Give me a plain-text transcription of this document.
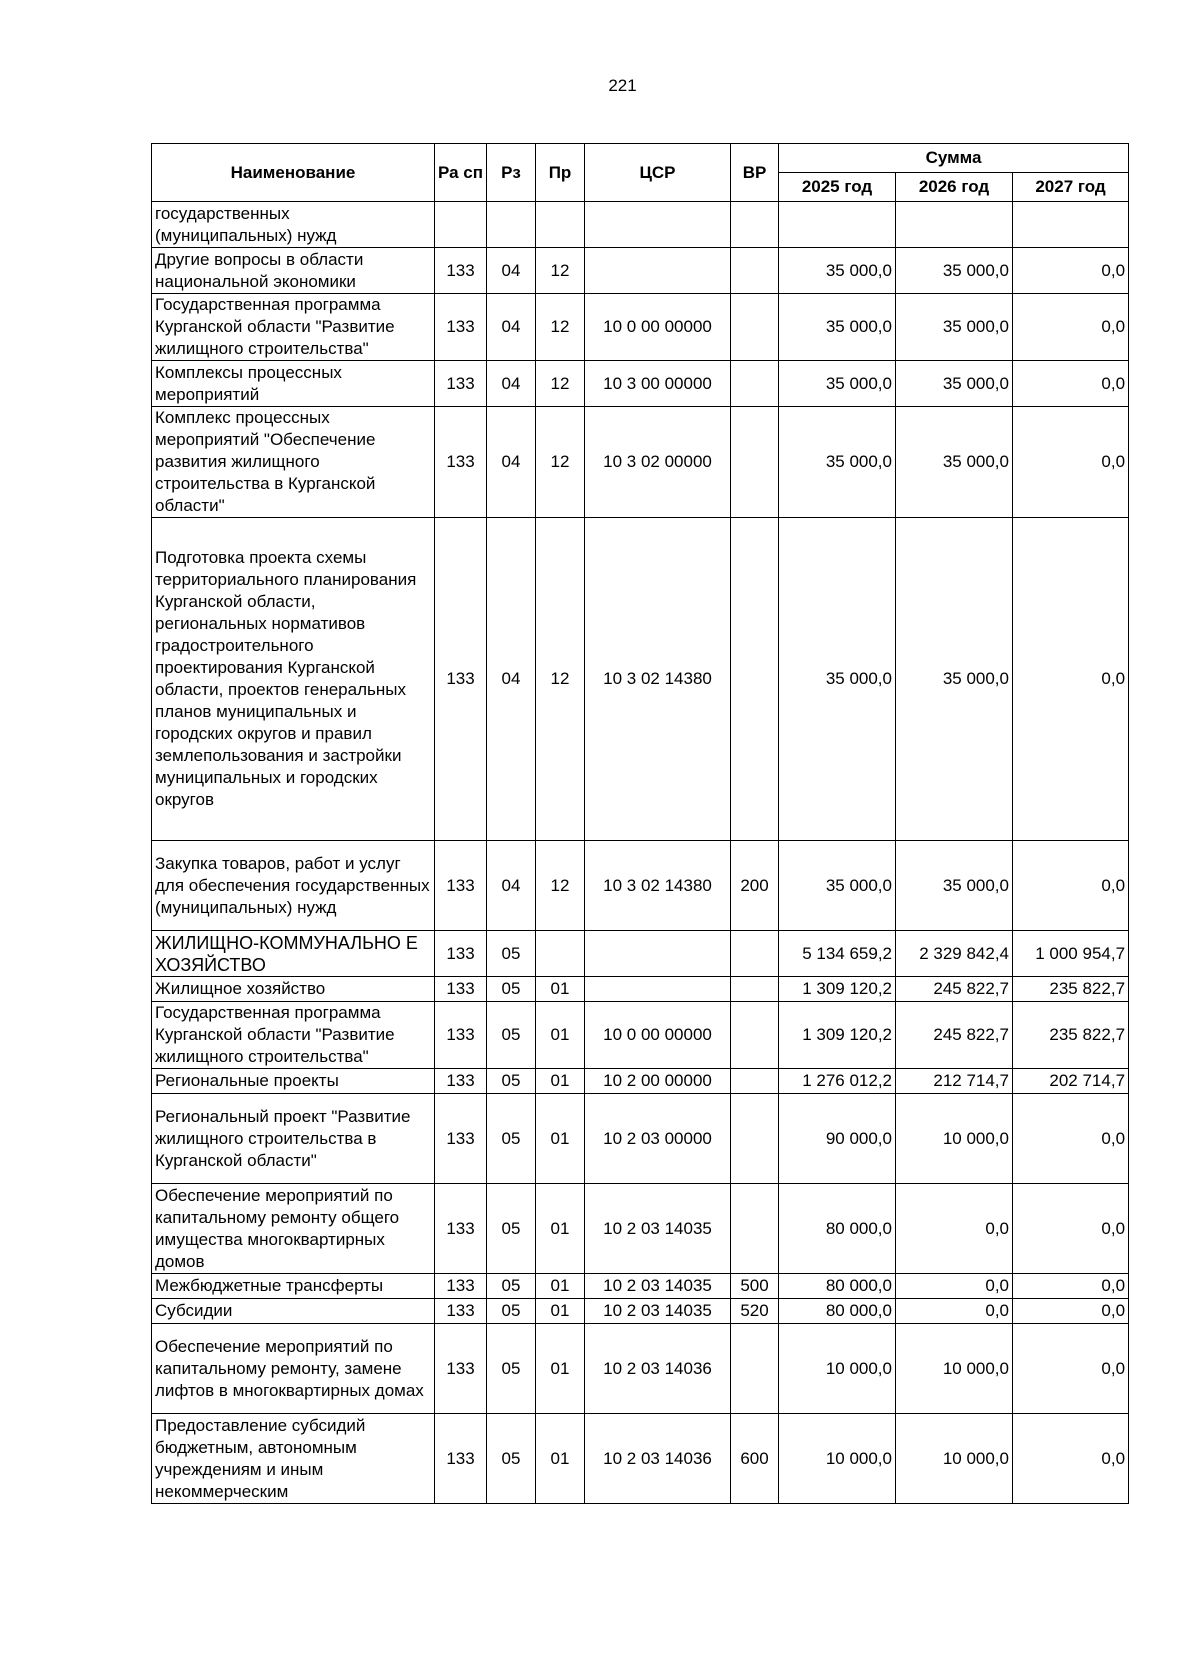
221
Наименование	Ра сп	Рз	Пр	ЦСР	ВР	Сумма		
						2025 год	2026 год	2027 год
государственных (муниципальных) нужд								
Другие вопросы в области национальной экономики	133	04	12			35 000,0	35 000,0	0,0
Государственная программа Курганской области "Развитие жилищного строительства"	133	04	12	10 0 00 00000		35 000,0	35 000,0	0,0
Комплексы процессных мероприятий	133	04	12	10 3 00 00000		35 000,0	35 000,0	0,0
Комплекс процессных мероприятий "Обеспечение развития жилищного строительства в Курганской области"	133	04	12	10 3 02 00000		35 000,0	35 000,0	0,0
Подготовка проекта схемы территориального планирования Курганской области, региональных нормативов градостроительного проектирования Курганской области, проектов генеральных планов муниципальных и городских округов и правил землепользования и застройки муниципальных и городских округов	133	04	12	10 3 02 14380		35 000,0	35 000,0	0,0
Закупка товаров, работ и услуг для обеспечения государственных (муниципальных) нужд	133	04	12	10 3 02 14380	200	35 000,0	35 000,0	0,0
ЖИЛИЩНО-КОММУНАЛЬНО Е ХОЗЯЙСТВО	133	05				5 134 659,2	2 329 842,4	1 000 954,7
Жилищное хозяйство	133	05	01			1 309 120,2	245 822,7	235 822,7
Государственная программа Курганской области "Развитие жилищного строительства"	133	05	01	10 0 00 00000		1 309 120,2	245 822,7	235 822,7
Региональные проекты	133	05	01	10 2 00 00000		1 276 012,2	212 714,7	202 714,7
Региональный проект "Развитие жилищного строительства в Курганской области"	133	05	01	10 2 03 00000		90 000,0	10 000,0	0,0
Обеспечение мероприятий по капитальному ремонту общего имущества многоквартирных домов	133	05	01	10 2 03 14035		80 000,0	0,0	0,0
Межбюджетные трансферты	133	05	01	10 2 03 14035	500	80 000,0	0,0	0,0
Субсидии	133	05	01	10 2 03 14035	520	80 000,0	0,0	0,0
Обеспечение мероприятий по капитальному ремонту, замене лифтов в многоквартирных домах	133	05	01	10 2 03 14036		10 000,0	10 000,0	0,0
Предоставление субсидий бюджетным, автономным учреждениям и иным некоммерческим	133	05	01	10 2 03 14036	600	10 000,0	10 000,0	0,0
